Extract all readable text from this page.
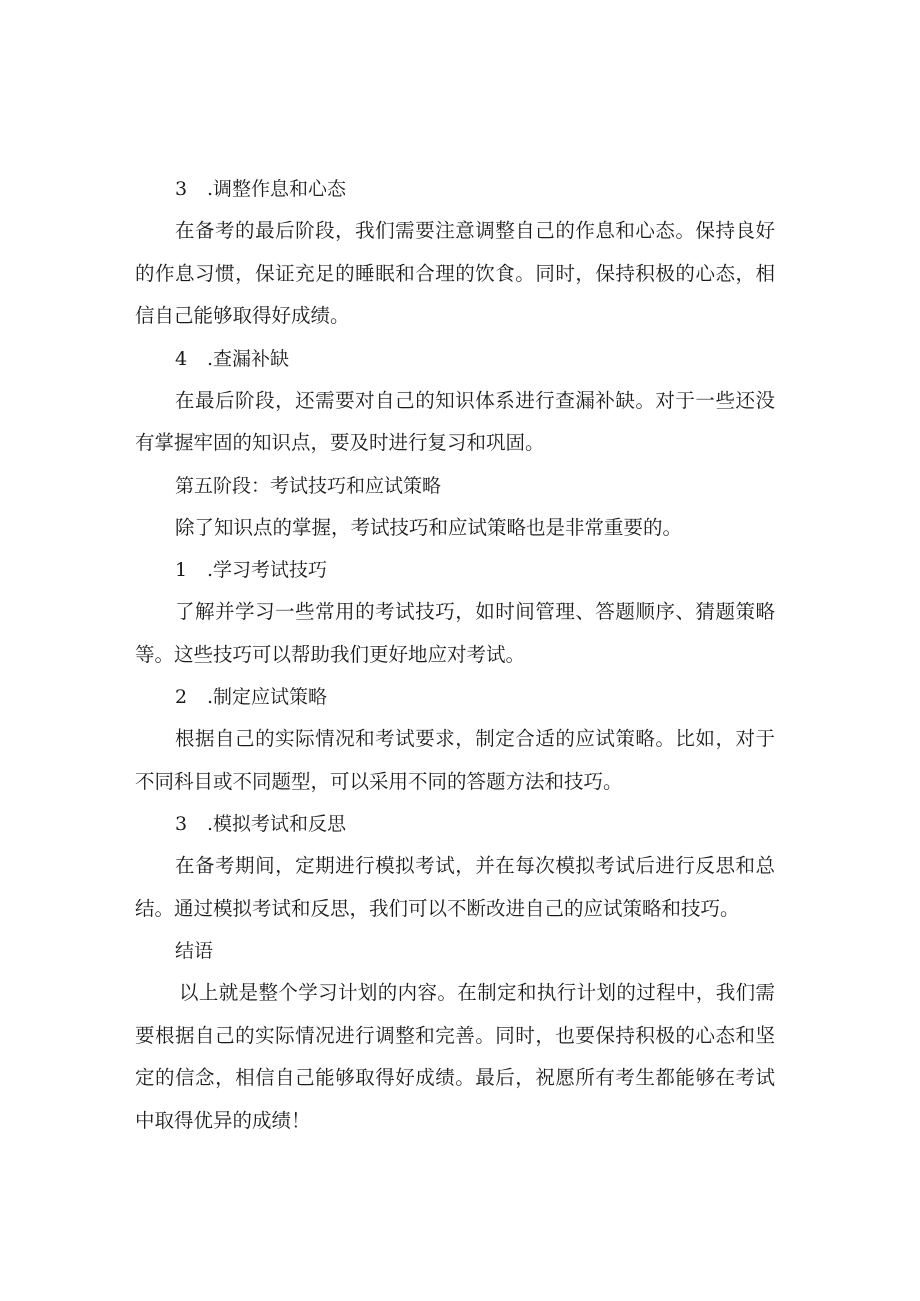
3 .调整作息和心态

在备考的最后阶段，我们需要注意调整自己的作息和心态。保持良好的作息习惯，保证充足的睡眠和合理的饮食。同时，保持积极的心态，相信自己能够取得好成绩。

4 .查漏补缺

在最后阶段，还需要对自己的知识体系进行查漏补缺。对于一些还没有掌握牢固的知识点，要及时进行复习和巩固。

第五阶段：考试技巧和应试策略

除了知识点的掌握，考试技巧和应试策略也是非常重要的。

1 .学习考试技巧

了解并学习一些常用的考试技巧，如时间管理、答题顺序、猜题策略等。这些技巧可以帮助我们更好地应对考试。

2 .制定应试策略

根据自己的实际情况和考试要求，制定合适的应试策略。比如，对于不同科目或不同题型，可以采用不同的答题方法和技巧。

3 .模拟考试和反思

在备考期间，定期进行模拟考试，并在每次模拟考试后进行反思和总结。通过模拟考试和反思，我们可以不断改进自己的应试策略和技巧。

结语

以上就是整个学习计划的内容。在制定和执行计划的过程中，我们需要根据自己的实际情况进行调整和完善。同时，也要保持积极的心态和坚定的信念，相信自己能够取得好成绩。最后，祝愿所有考生都能够在考试中取得优异的成绩！
